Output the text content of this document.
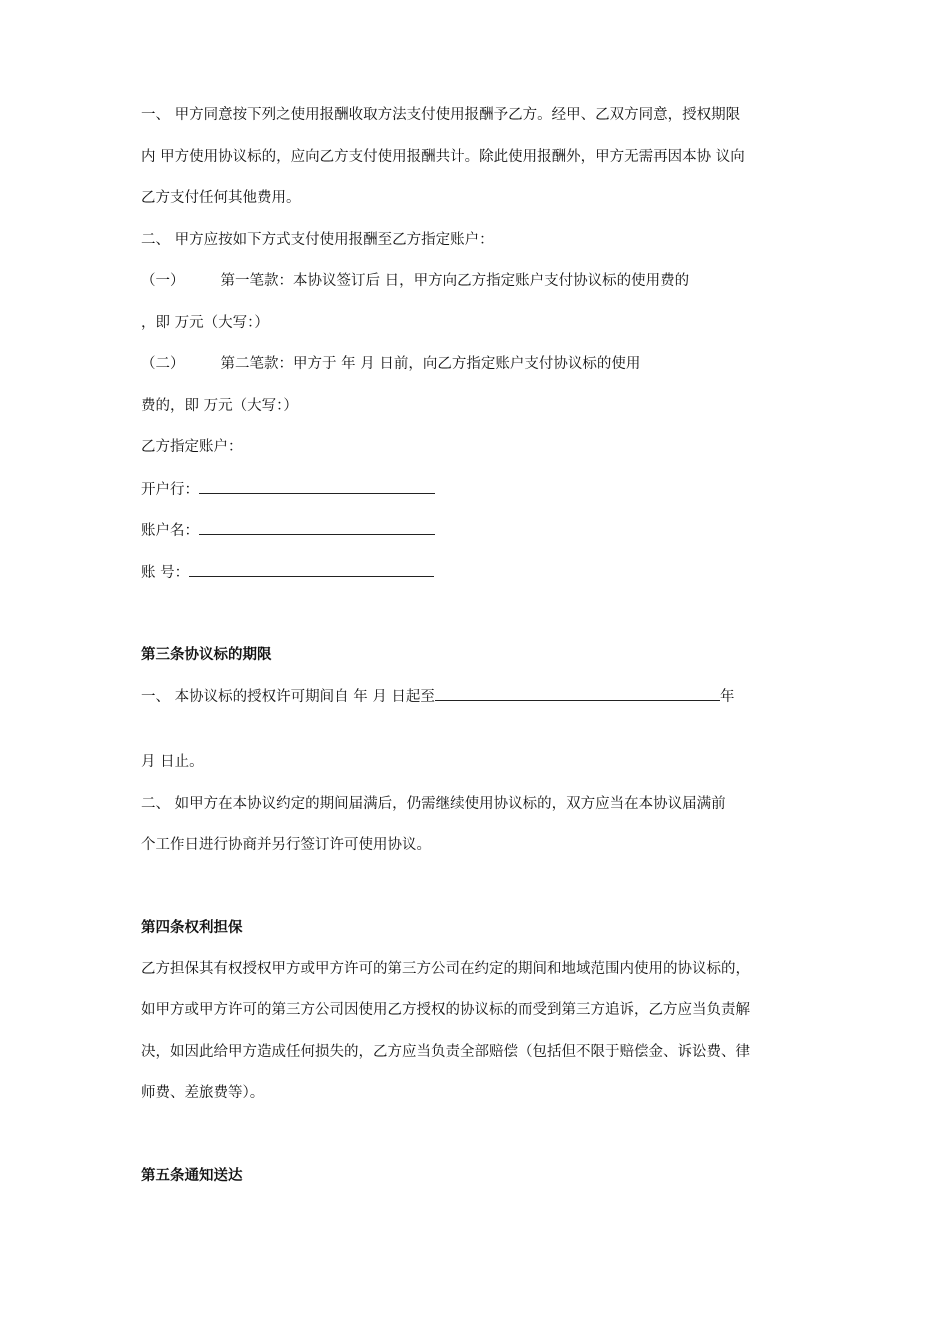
一、 甲方同意按下列之使用报酬收取方法支付使用报酬予乙方。经甲、乙双方同意，授权期限
内 甲方使用协议标的，应向乙方支付使用报酬共计。除此使用报酬外，甲方无需再因本协 议向
乙方支付任何其他费用。
二、 甲方应按如下方式支付使用报酬至乙方指定账户：
（一） 第一笔款：本协议签订后 日，甲方向乙方指定账户支付协议标的使用费的
，即 万元（大写：）
（二） 第二笔款：甲方于 年 月 日前，向乙方指定账户支付协议标的使用
费的，即 万元（大写：）
乙方指定账户：
开户行：
账户名：
账 号：
第三条协议标的期限
一、 本协议标的授权许可期间自 年 月 日起至	年
月 日止。
二、 如甲方在本协议约定的期间届满后，仍需继续使用协议标的，双方应当在本协议届满前
个工作日进行协商并另行签订许可使用协议。
第四条权利担保
乙方担保其有权授权甲方或甲方许可的第三方公司在约定的期间和地域范围内使用的协议标的，
如甲方或甲方许可的第三方公司因使用乙方授权的协议标的而受到第三方追诉，乙方应当负责解
决，如因此给甲方造成任何损失的，乙方应当负责全部赔偿（包括但不限于赔偿金、诉讼费、律
师费、差旅费等）。
第五条通知送达
